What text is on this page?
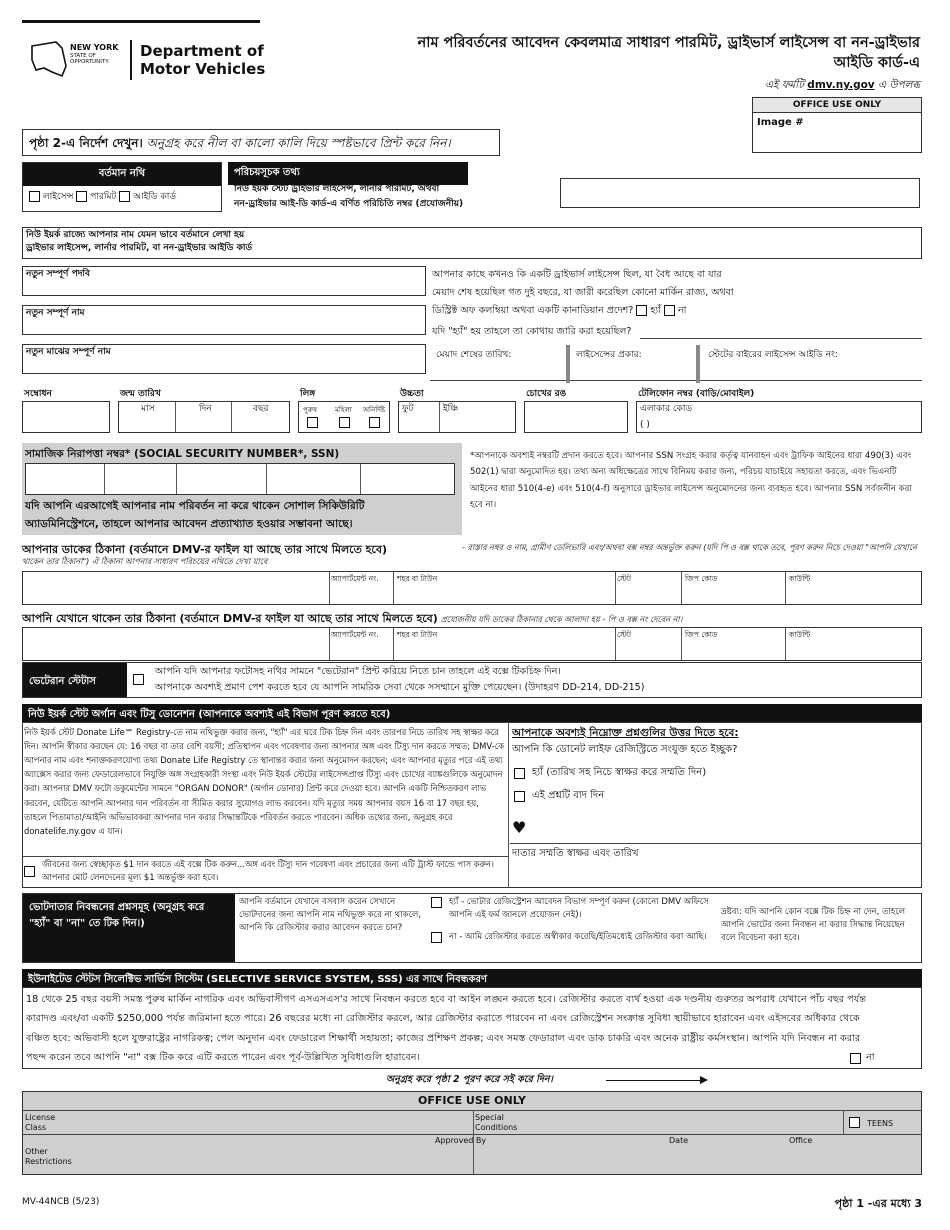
NEW YORK
STATE OF
OPPORTUNITY.
Department of
Motor Vehicles
নাম পরিবর্তনের আবেদন কেবলমাত্র সাধারণ পারমিট, ড্রাইভার্স লাইসেন্স বা নন-ড্রাইভার
আইডি কার্ড-এ
এই ফর্মটি dmv.ny.gov এ উপলব্ধ
OFFICE USE ONLY
Image #
পৃষ্ঠা 2-এ নির্দেশ দেখুন। অনুগ্রহ করে নীল বা কালো কালি দিয়ে স্পষ্টভাবে প্রিন্ট করে নিন।
বর্তমান নথি
লাইসেন্স পারমিট আইডি কার্ড
পরিচয়সূচক তথ্য
নিউ ইয়র্ক স্টেট ড্রাইভার লাইসেন্স, লার্নার পারমিট, অথবা
নন-ড্রাইভার আই-ডি কার্ড-এ বর্ণিত পরিচিতি নম্বর (প্রযোজনীয়)
নিউ ইয়র্ক রাজ্যে আপনার নাম যেমন ভাবে বর্তমানে লেখা হয়
ড্রাইভার লাইসেন্স, লার্নার পারমিট, বা নন-ড্রাইভার আইডি কার্ড
নতুন সম্পূর্ণ পদবি
নতুন সম্পূর্ণ নাম
নতুন মাঝের সম্পূর্ণ নাম
আপনার কাছে কখনও কি একটি ড্রাইভার্স লাইসেন্স ছিল, যা বৈধ আছে বা যার
মেয়াদ শেষ হয়েছিল গত দুই বছরে, যা জারী করেছিল কোনো মার্কিন রাজ্য, অথবা
ডিস্ট্রিক্ট অফ কলম্বিয়া অথবা একটি কানাডিয়ান প্রদেশ? হ্যাঁ না
যদি "হ্যাঁ" হয় তাহলে তা কোথায় জারি করা হয়েছিল?
মেয়াদ শেষের তারিখ:	লাইসেন্সের প্রকার:	স্টেটের বাইরের লাইসেন্স আইডি নং:
সম্বোধন	জন্ম তারিখ
মাস	দিন	বছর
লিঙ্গ
পুরুষ	মহিলা অনির্দিষ্ট
উচ্চতা
ফুট	ইঞ্চি
চোখের রঙ	টেলিফোন নম্বর (বাড়ি/মোবাইল)
এলাকার কোড
( )
সামাজিক নিরাপত্তা নম্বর* (SOCIAL SECURITY NUMBER*, SSN)
যদি আপনি এরআগেই আপনার নাম পরিবর্তন না করে থাকেন সোশাল সিকিউরিটি
অ্যাডমিনিস্ট্রেশনে, তাহলে আপনার আবেদন প্রত্যাখ্যাত হওয়ার সম্ভাবনা আছে।
*আপনাকে অবশ্যই নম্বরটি প্রদান করতে হবে। আপনার SSN সংগ্রহ করার কর্তৃত্ব যানবাহন এবং ট্রাফিক আইনের ধারা 490(3) এবং 502(1) দ্বারা অনুমোদিত হয়। তথ্য অন্য অধিক্ষেত্রের সাথে বিনিময় করার জন্য, পরিচয় যাচাইয়ে সহায়তা করতে, এবং ভিএনটি আইনের ধারা 510(4-e) এবং 510(4-f) অনুসারে ড্রাইভার লাইসেন্স অনুমোদনের জন্য ব্যবহৃত হবে। আপনার SSN সর্বজনীন করা হবে না।
আপনার ডাকের ঠিকানা (বর্তমানে DMV-র ফাইল যা আছে তার সাথে মিলতে হবে)	- রাস্তার নম্বর ও নাম, গ্রামীণ ডেলিভারি এবং/অথবা বক্স নম্বর অন্তর্ভুক্ত করুন (যদি পি ও বক্স থাকে তবে, পূরণ করুন নিচে দেওয়া "আপনি যেখানে থাকেন তার ঠিকানা") ঐ ঠিকানা আপনার সাধারণ পরিচয়ের নথিতে দেখা যাবে
অ্যাপার্টমেন্ট নং. শহর বা টাউন	স্টেট	জিপ কোড	কাউন্টি
আপনি যেখানে থাকেন তার ঠিকানা (বর্তমানে DMV-র ফাইল যা আছে তার সাথে মিলতে হবে) প্রযোজনীয় যদি ডাকের ঠিকানার থেকে আলাদা হয় - পি ও বক্স নং দেবেন না।
অ্যাপার্টমেন্ট নং. শহর বা টাউন	স্টেট	জিপ কোড	কাউন্টি
ভেটেরান স্টেটাস
আপনি যদি আপনার ফটোসহ নথির সামনে "ভেটেরান" প্রিন্ট করিয়ে নিতে চান তাহলে এই বক্সে টিকচিহ্ন দিন।
আপনাকে অবশ্যই প্রমাণ পেশ করতে হবে যে আপনি সামরিক সেবা থেকে সসম্মানে মুক্তি পেয়েছেন। (উদাহরণ DD-214, DD-215)
নিউ ইয়র্ক স্টেট অর্গান এবং টিসু ডোনেশন (আপনাকে অবশ্যই এই বিভাগ পূরণ করতে হবে)
নিউ ইয়র্ক স্টেট Donate Life℠ Registry-তে নাম নথিভুক্ত করার জন্য, "হ্যাঁ" এর ঘরে টিক চিহ্ন দিন এবং তারপর নিচে তারিখ সহ স্বাক্ষর করে দিন। আপনি স্বীকার করছেন যে: 16 বছর বা তার বেশি বয়সী; প্রতিস্থাপন এবং গবেষণার জন্য আপনার অঙ্গ এবং টিস্যু দান করতে সম্মত; DMV-কে আপনার নাম এবং শনাক্তকরণযোগ্য তথ্য Donate Life Registry তে স্থানান্তর করার জন্য অনুমোদন করছেন; এবং আপনার মৃত্যুর পরে এই তথ্য অ্যাক্সেস করার জন্য ফেডারেলভাবে নিযুক্তি অঙ্গ সংগ্রহকারী সংস্থা এবং নিউ ইয়র্ক স্টেটের লাইসেন্সপ্রাপ্ত টিস্যু এবং চোখের ব্যাঙ্কগুলিকে অনুমোদন করা। আপনার DMV ফটো ডকুমেন্টের সামনে "ORGAN DONOR" (অর্গান ডোনার) প্রিন্ট করে দেওয়া হবে। আপনি একটি নিশ্চিতকরণ লাভ করবেন, যেটিতে আপনি আপনার দান পরিবর্তন বা সীমিত করার সুযোগও লাভ করবেন। যদি মৃত্যুর সময় আপনার বয়স 16 বা 17 বছর হয়, তাহলে পিতামাতা/আইনি অভিভাবকরা আপনার দান করার সিদ্ধান্তটিকে পরিবর্তন করতে পারবেন। অধিক তথ্যের জন্য, অনুগ্রহ করে donatelife.ny.gov এ যান।
জীবনের জন্য স্বেচ্ছাকৃত $1 দান করতে এই বক্সে টিক করুন...অঙ্গ এবং টিস্যু দান গবেষণা এবং প্রচারের জন্য এটি ট্রাস্ট ফান্ডে পাস করুন। আপনার মোট লেনদেনের মূল্য $1 অন্তর্ভুক্ত করা হবে।
আপনাকে অবশ্যই নিম্নোক্ত প্রশ্নগুলির উত্তর দিতে হবে:
আপনি কি ডোনেট লাইফ রেজিস্ট্রিতে সংযুক্ত হতে ইচ্ছুক?
হ্যাঁ (তারিখ সহ নিচে স্বাক্ষর করে সম্মতি দিন)
এই প্রশ্নটি বাদ দিন
♥
দাতার সম্মতি স্বাক্ষর এবং তারিখ
ভোটদাতার নিবন্ধনের প্রশ্নসমূহ (অনুগ্রহ করে "হ্যাঁ" বা "না" তে টিক দিন।)
আপনি বর্তমানে যেখানে বসবাস করেন সেখানে ভোটদানের জন্য আপনি নাম নথিভুক্ত করে না থাকলে, আপনি কি রেজিস্টার করার আবেদন করতে চান?
হ্যাঁ - ভোটার রেজিস্ট্রেশন আবেদন বিভাগ সম্পূর্ণ করুন (কোনো DMV অফিসে আপনি এই ফর্ম জানলে প্রয়োজন নেই)।
না - আমি রেজিস্টার করতে অস্বীকার করেছি/ইতিমধ্যেই রেজিস্টার করা আছি।
দ্রষ্টব্য: যদি আপনি কোন বক্সে টিক চিহ্ন না দেন, তাহলে আপনি ভোটের জন্য নিবন্ধন না করার সিদ্ধান্ত নিয়েছেন বলে বিবেচনা করা হবে।
ইউনাইটেড স্টেটস সিলেক্টিভ সার্ভিস সিস্টেম (SELECTIVE SERVICE SYSTEM, SSS) এর সাথে নিবন্ধকরণ
18 থেকে 25 বছর বয়সী সমস্ত পুরুষ মার্কিন নাগরিক এবং অভিবাসীগণ এসএসএস'র সাথে নিবন্ধন করতে হবে বা আইন লঙ্ঘন করতে হবে। রেজিস্টার করতে ব্যর্থ হওয়া এক দণ্ডনীয় গুরুতর অপরাধ যেখানে পাঁচ বছর পর্যন্ত কারাদণ্ড এবং/বা একটি $250,000 পর্যন্ত জরিমানা হতে পারে। 26 বছরের মধ্যে না রেজিস্টার করলে, আর রেজিস্টার করাতে পারবেন না এবং রেজিস্ট্রেশন সংক্রান্ত সুবিধা স্থায়ীভাবে হারাবেন এবং এইসবের অধিকার থেকে বঞ্চিত হবে: অভিবাসী হলে যুক্তরাষ্ট্রের নাগরিকত্ব; পেল অনুদান এবং ফেডারেল শিক্ষার্থী সহায়তা; কাজের প্রশিক্ষণ প্রকল্প; এবং সমস্ত ফেডারাল এবং ডাক চাকরি এবং অনেক রাষ্ট্রীয় কর্মসংস্থান। আপনি যদি নিবন্ধন না করার পছন্দ করেন তবে আপনি "না" বক্স টিক করে এটি করতে পারেন এবং পূর্ব-উল্লিখিত সুবিধাগুলি হারাবেন।	না
অনুগ্রহ করে পৃষ্ঠা 2 পূরণ করে সই করে দিন।
OFFICE USE ONLY
License
Class
Special
Conditions	TEENS
Approved By	Date	Office
Other
Restrictions
MV-44NCB (5/23)	পৃষ্ঠা 1 -এর মধ্যে 3
